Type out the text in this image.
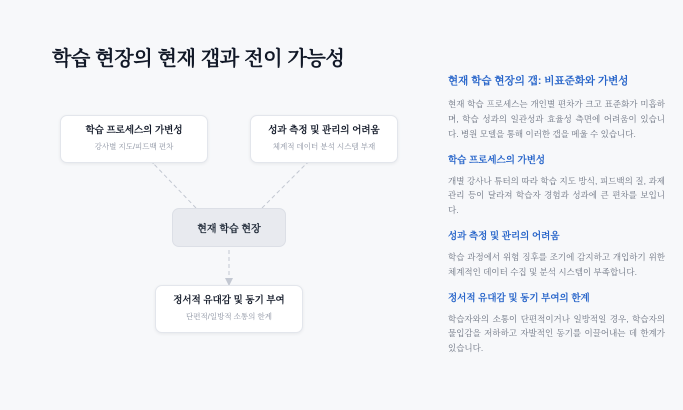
학습 현장의 현재 갭과 전이 가능성
학습 프로세스의 가변성
강사별 지도/피드백 편차
성과 측정 및 관리의 어려움
체계적 데이터 분석 시스템 부재
정서적 유대감 및 동기 부여
단편적/일방적 소통의 한계
현재 학습 현장
현재 학습 현장의 갭: 비표준화와 가변성
현재 학습 프로세스는 개인별 편차가 크고 표준화가 미흡하며, 학습 성과의 일관성과 효율성 측면에 어려움이 있습니다. 병원 모델을 통해 이러한 갭을 메울 수 있습니다.
학습 프로세스의 가변성
개별 강사나 튜터의 따라 학습 지도 방식, 피드백의 질, 과제 관리 등이 달라져 학습자 경험과 성과에 큰 편차를 보입니다.
성과 측정 및 관리의 어려움
학습 과정에서 위험 징후를 조기에 감지하고 개입하기 위한 체계적인 데이터 수집 및 분석 시스템이 부족합니다.
정서적 유대감 및 동기 부여의 한계
학습자와의 소통이 단편적이거나 일방적일 경우, 학습자의 물입감을 저하하고 자발적인 동기를 이끌어내는 데 한계가 있습니다.
